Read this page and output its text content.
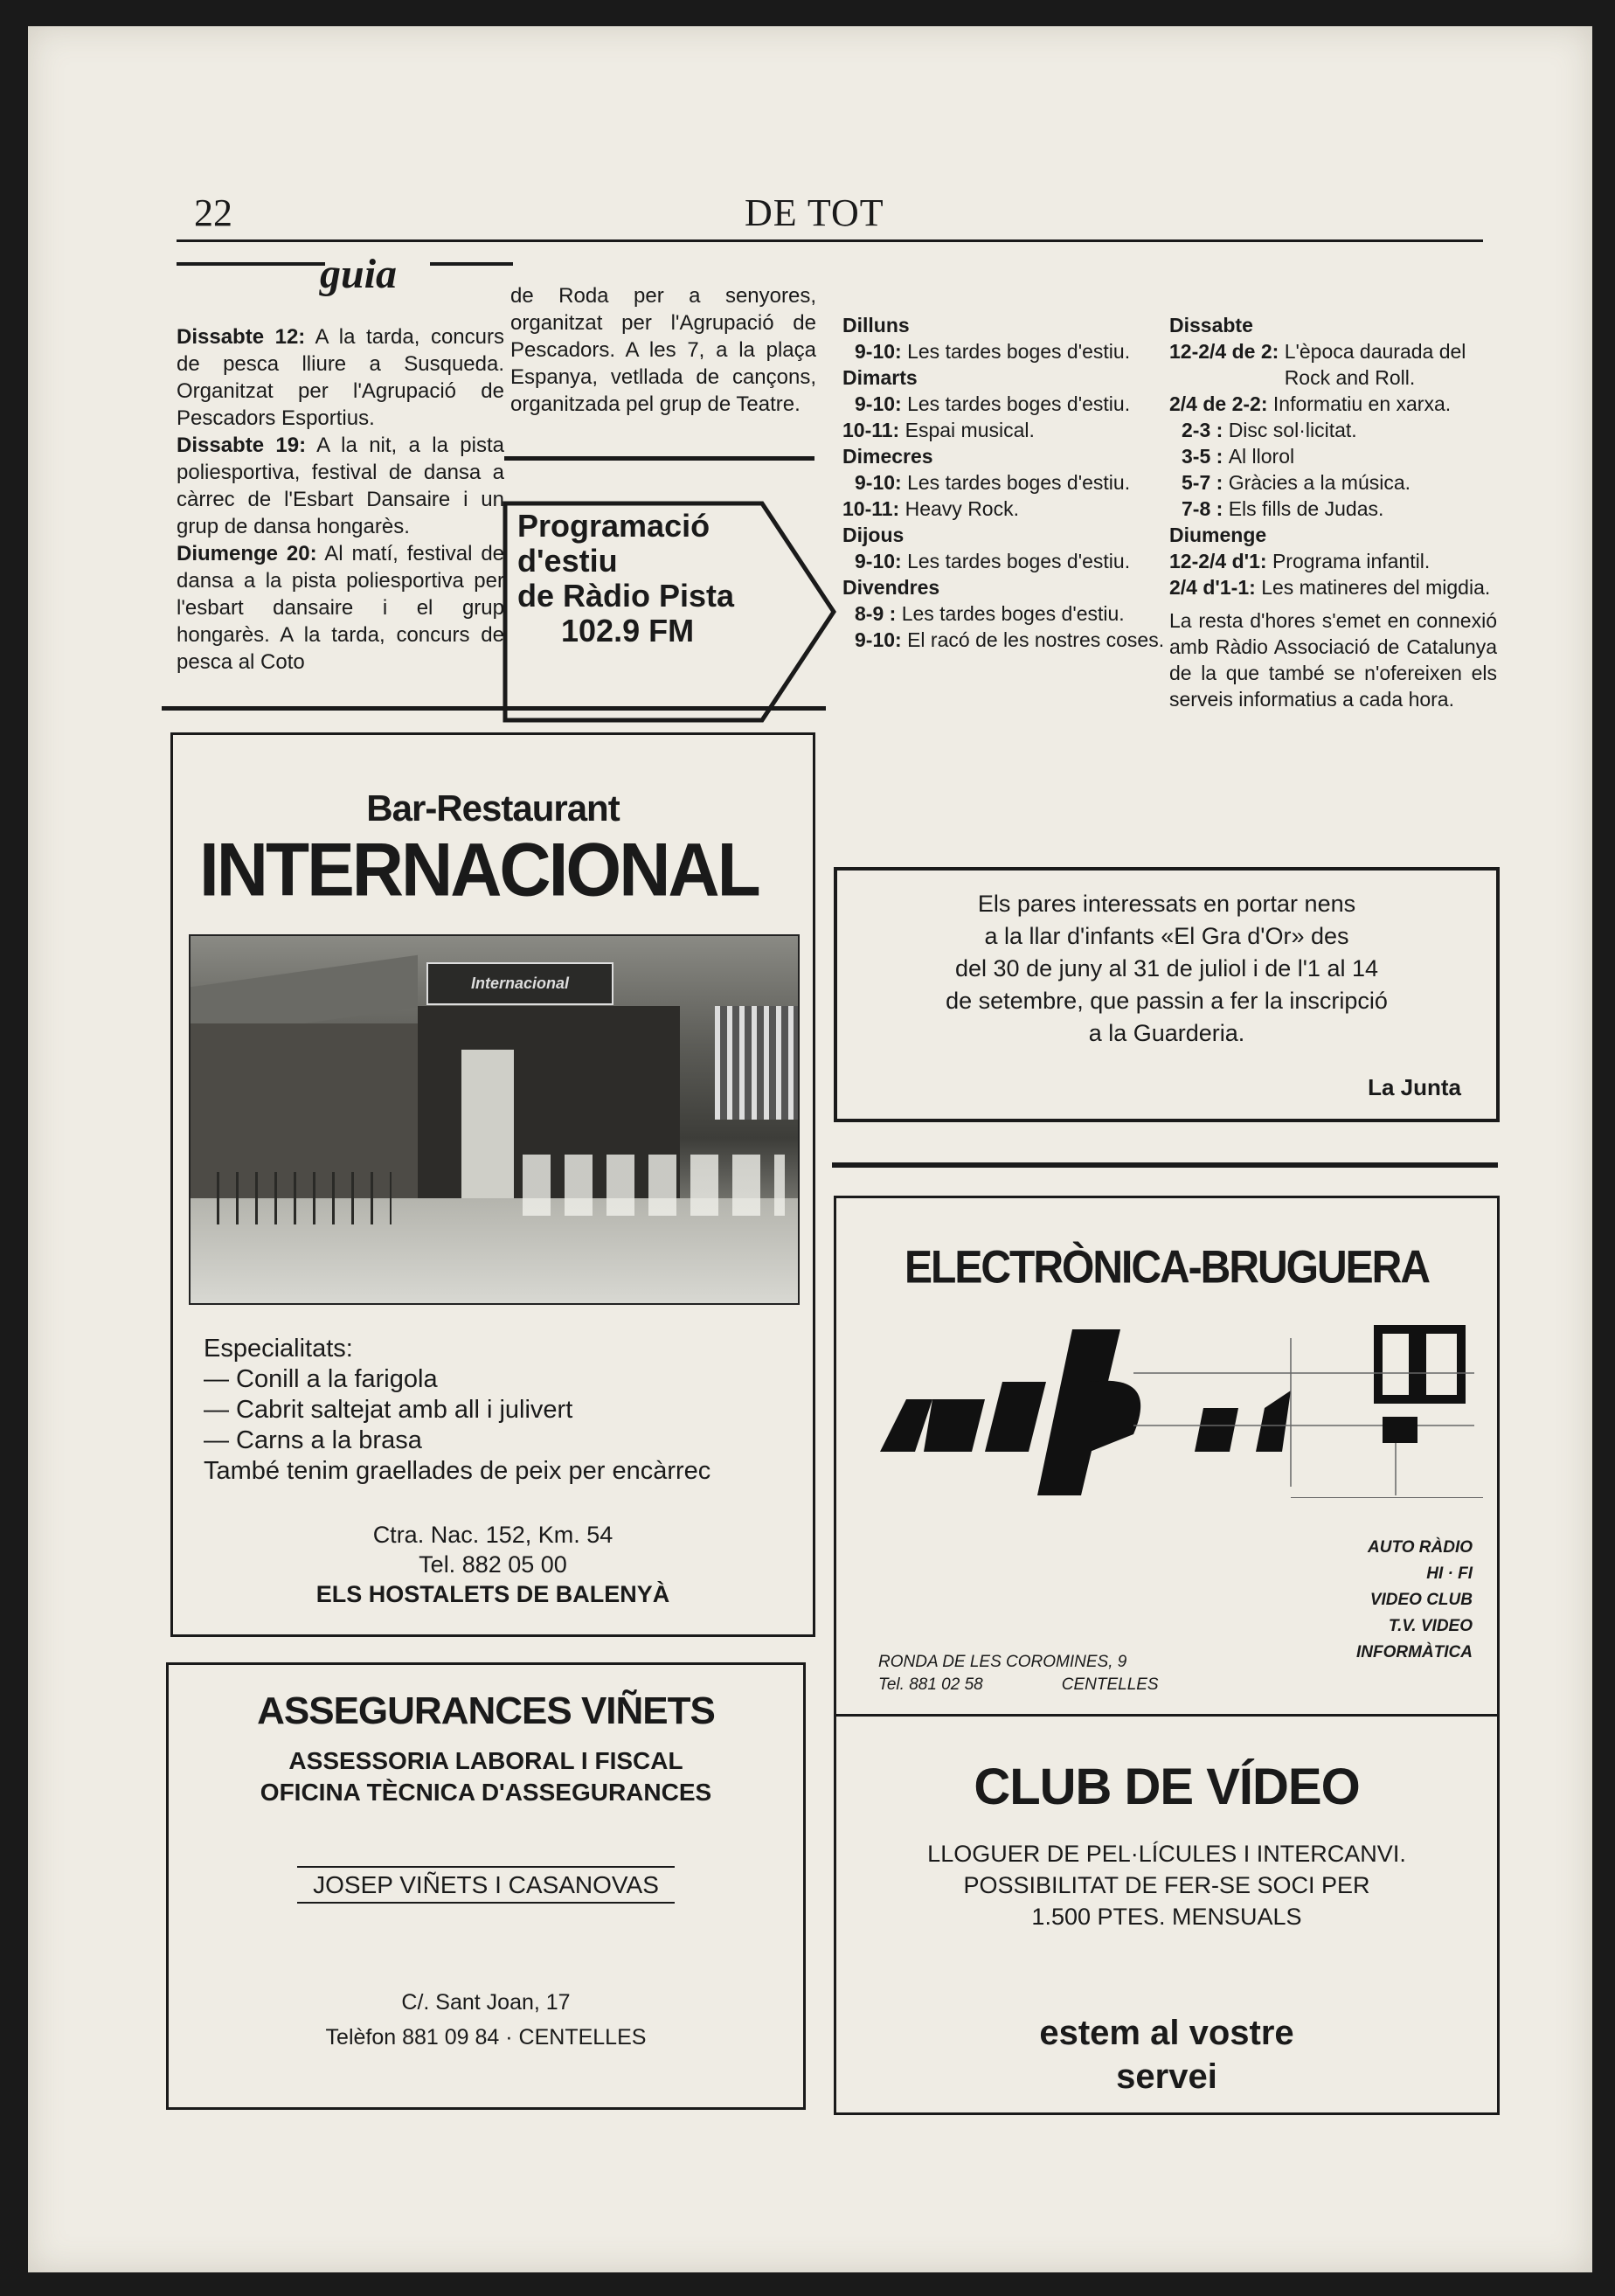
22	DE TOT
guia

Dissabte 12: A la tarda, concurs de pesca lliure a Susqueda. Organitzat per l'Agrupació de Pescadors Esportius.

Dissabte 19: A la nit, a la pista poliesportiva, festival de dansa a càrrec de l'Esbart Dansaire i un grup de dansa hongarès.

Diumenge 20: Al matí, festival de dansa a la pista poliesportiva per l'esbart dansaire i el grup hongarès. A la tarda, concurs de pesca al Coto

de Roda per a senyores, organitzat per l'Agrupació de Pescadors. A les 7, a la plaça Espanya, vetllada de cançons, organitzada pel grup de Teatre.

Programació
d'estiu
de Ràdio Pista
102.9 FM
Dilluns
9-10:
Les tardes boges d'estiu.
Dimarts
9-10:
Les tardes boges d'estiu.
10-11:
Espai musical.
Dimecres
9-10:
Les tardes boges d'estiu.
10-11:
Heavy Rock.
Dijous
9-10:
Les tardes boges d'estiu.
Divendres
8-9 :
Les tardes boges d'estiu.
9-10:
El racó de les nostres coses.
Dissabte
12-2/4 de 2:
L'època daurada del Rock and Roll.
2/4 de 2-2:
Informatiu en xarxa.
2-3 :
Disc sol·licitat.
3-5 :
Al llorol
5-7 :
Gràcies a la música.
7-8 :
Els fills de Judas.
Diumenge
12-2/4 d'1:
Programa infantil.
2/4 d'1-1:
Les matineres del migdia.

La resta d'hores s'emet en connexió amb Ràdio Associació de Catalunya de la que també se n'ofereixen els serveis informatius a cada hora.

Els pares interessats en portar nens
a la llar d'infants «El Gra d'Or» des
del 30 de juny al 31 de juliol i de l'1 al 14
de setembre, que passin a fer la inscripció
a la Guarderia.
La Junta
Bar-Restaurant
INTERNACIONAL
Internacional
Especialitats:
— Conill a la farigola
— Cabrit saltejat amb all i julivert
— Carns a la brasa
També tenim graellades de peix per encàrrec
Ctra. Nac. 152, Km. 54
Tel. 882 05 00
ELS HOSTALETS DE BALENYÀ
ASSEGURANCES VIÑETS
ASSESSORIA LABORAL I FISCAL
OFICINA TÈCNICA D'ASSEGURANCES
JOSEP VIÑETS I CASANOVAS
C/. Sant Joan, 17
Telèfon 881 09 84 · CENTELLES
ELECTRÒNICA-BRUGUERA
RONDA DE LES COROMINES, 9
Tel. 881 02 58	CENTELLES
AUTO RÀDIO
HI · FI
VIDEO CLUB
T.V. VIDEO
INFORMÀTICA
CLUB DE VÍDEO
LLOGUER DE PEL·LÍCULES I INTERCANVI.
POSSIBILITAT DE FER-SE SOCI PER
1.500 PTES. MENSUALS
estem al vostre
servei
